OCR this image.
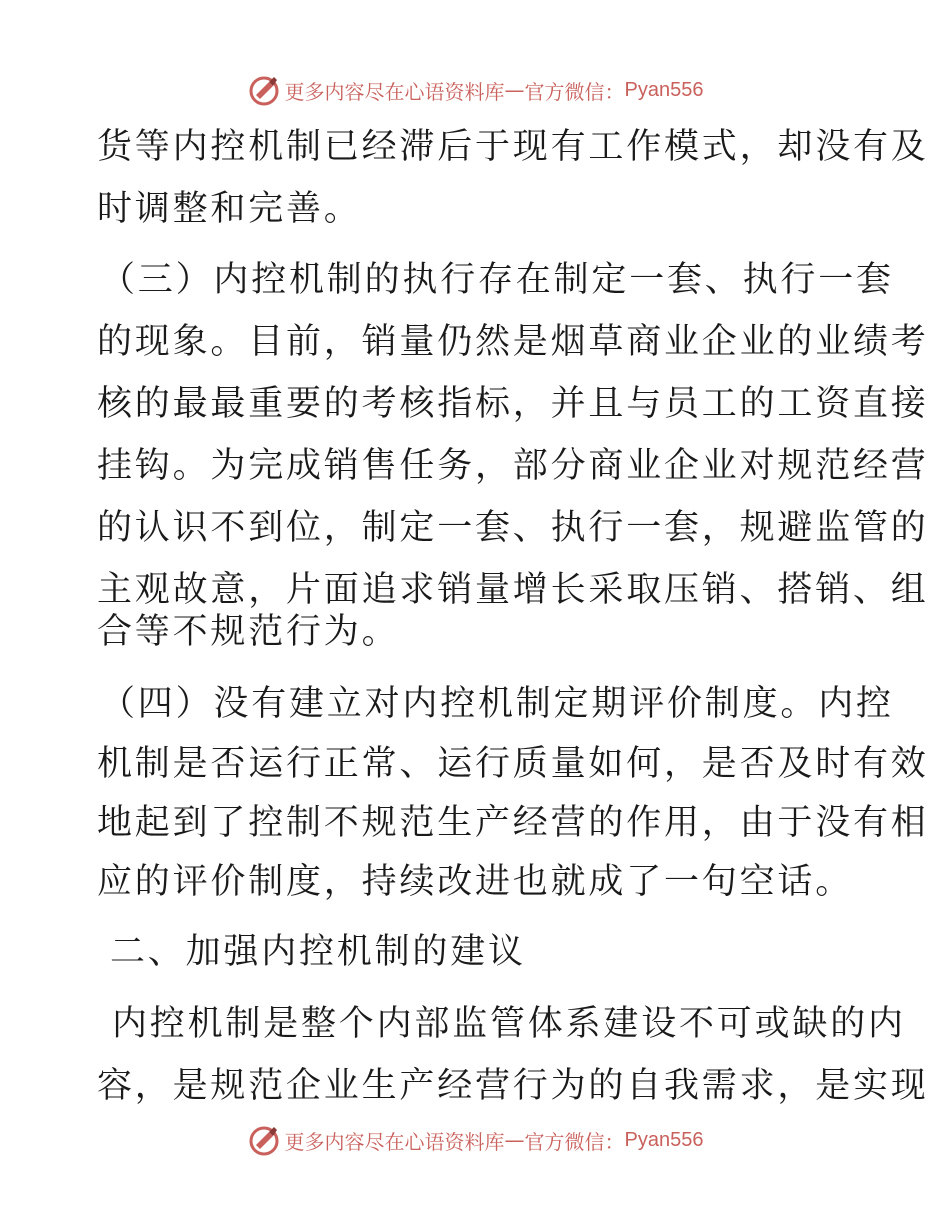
更多内容尽在心语资料库 — 官方微信： Pyan556
货等内控机制已经滞后于现有工作模式，却没有及
时调整和完善。
（三）内控机制的执行存在制定一套、执行一套
的现象。目前，销量仍然是烟草商业企业的业绩考
核的最最重要的考核指标，并且与员工的工资直接
挂钩。为完成销售任务，部分商业企业对规范经营
的认识不到位，制定一套、执行一套，规避监管的
主观故意，片面追求销量增长采取压销、搭销、组
合等不规范行为。
（四）没有建立对内控机制定期评价制度。内控
机制是否运行正常、运行质量如何，是否及时有效
地起到了控制不规范生产经营的作用，由于没有相
应的评价制度，持续改进也就成了一句空话。
二、加强内控机制的建议
内控机制是整个内部监管体系建设不可或缺的内
容，是规范企业生产经营行为的自我需求，是实现
更多内容尽在心语资料库 — 官方微信： Pyan556
